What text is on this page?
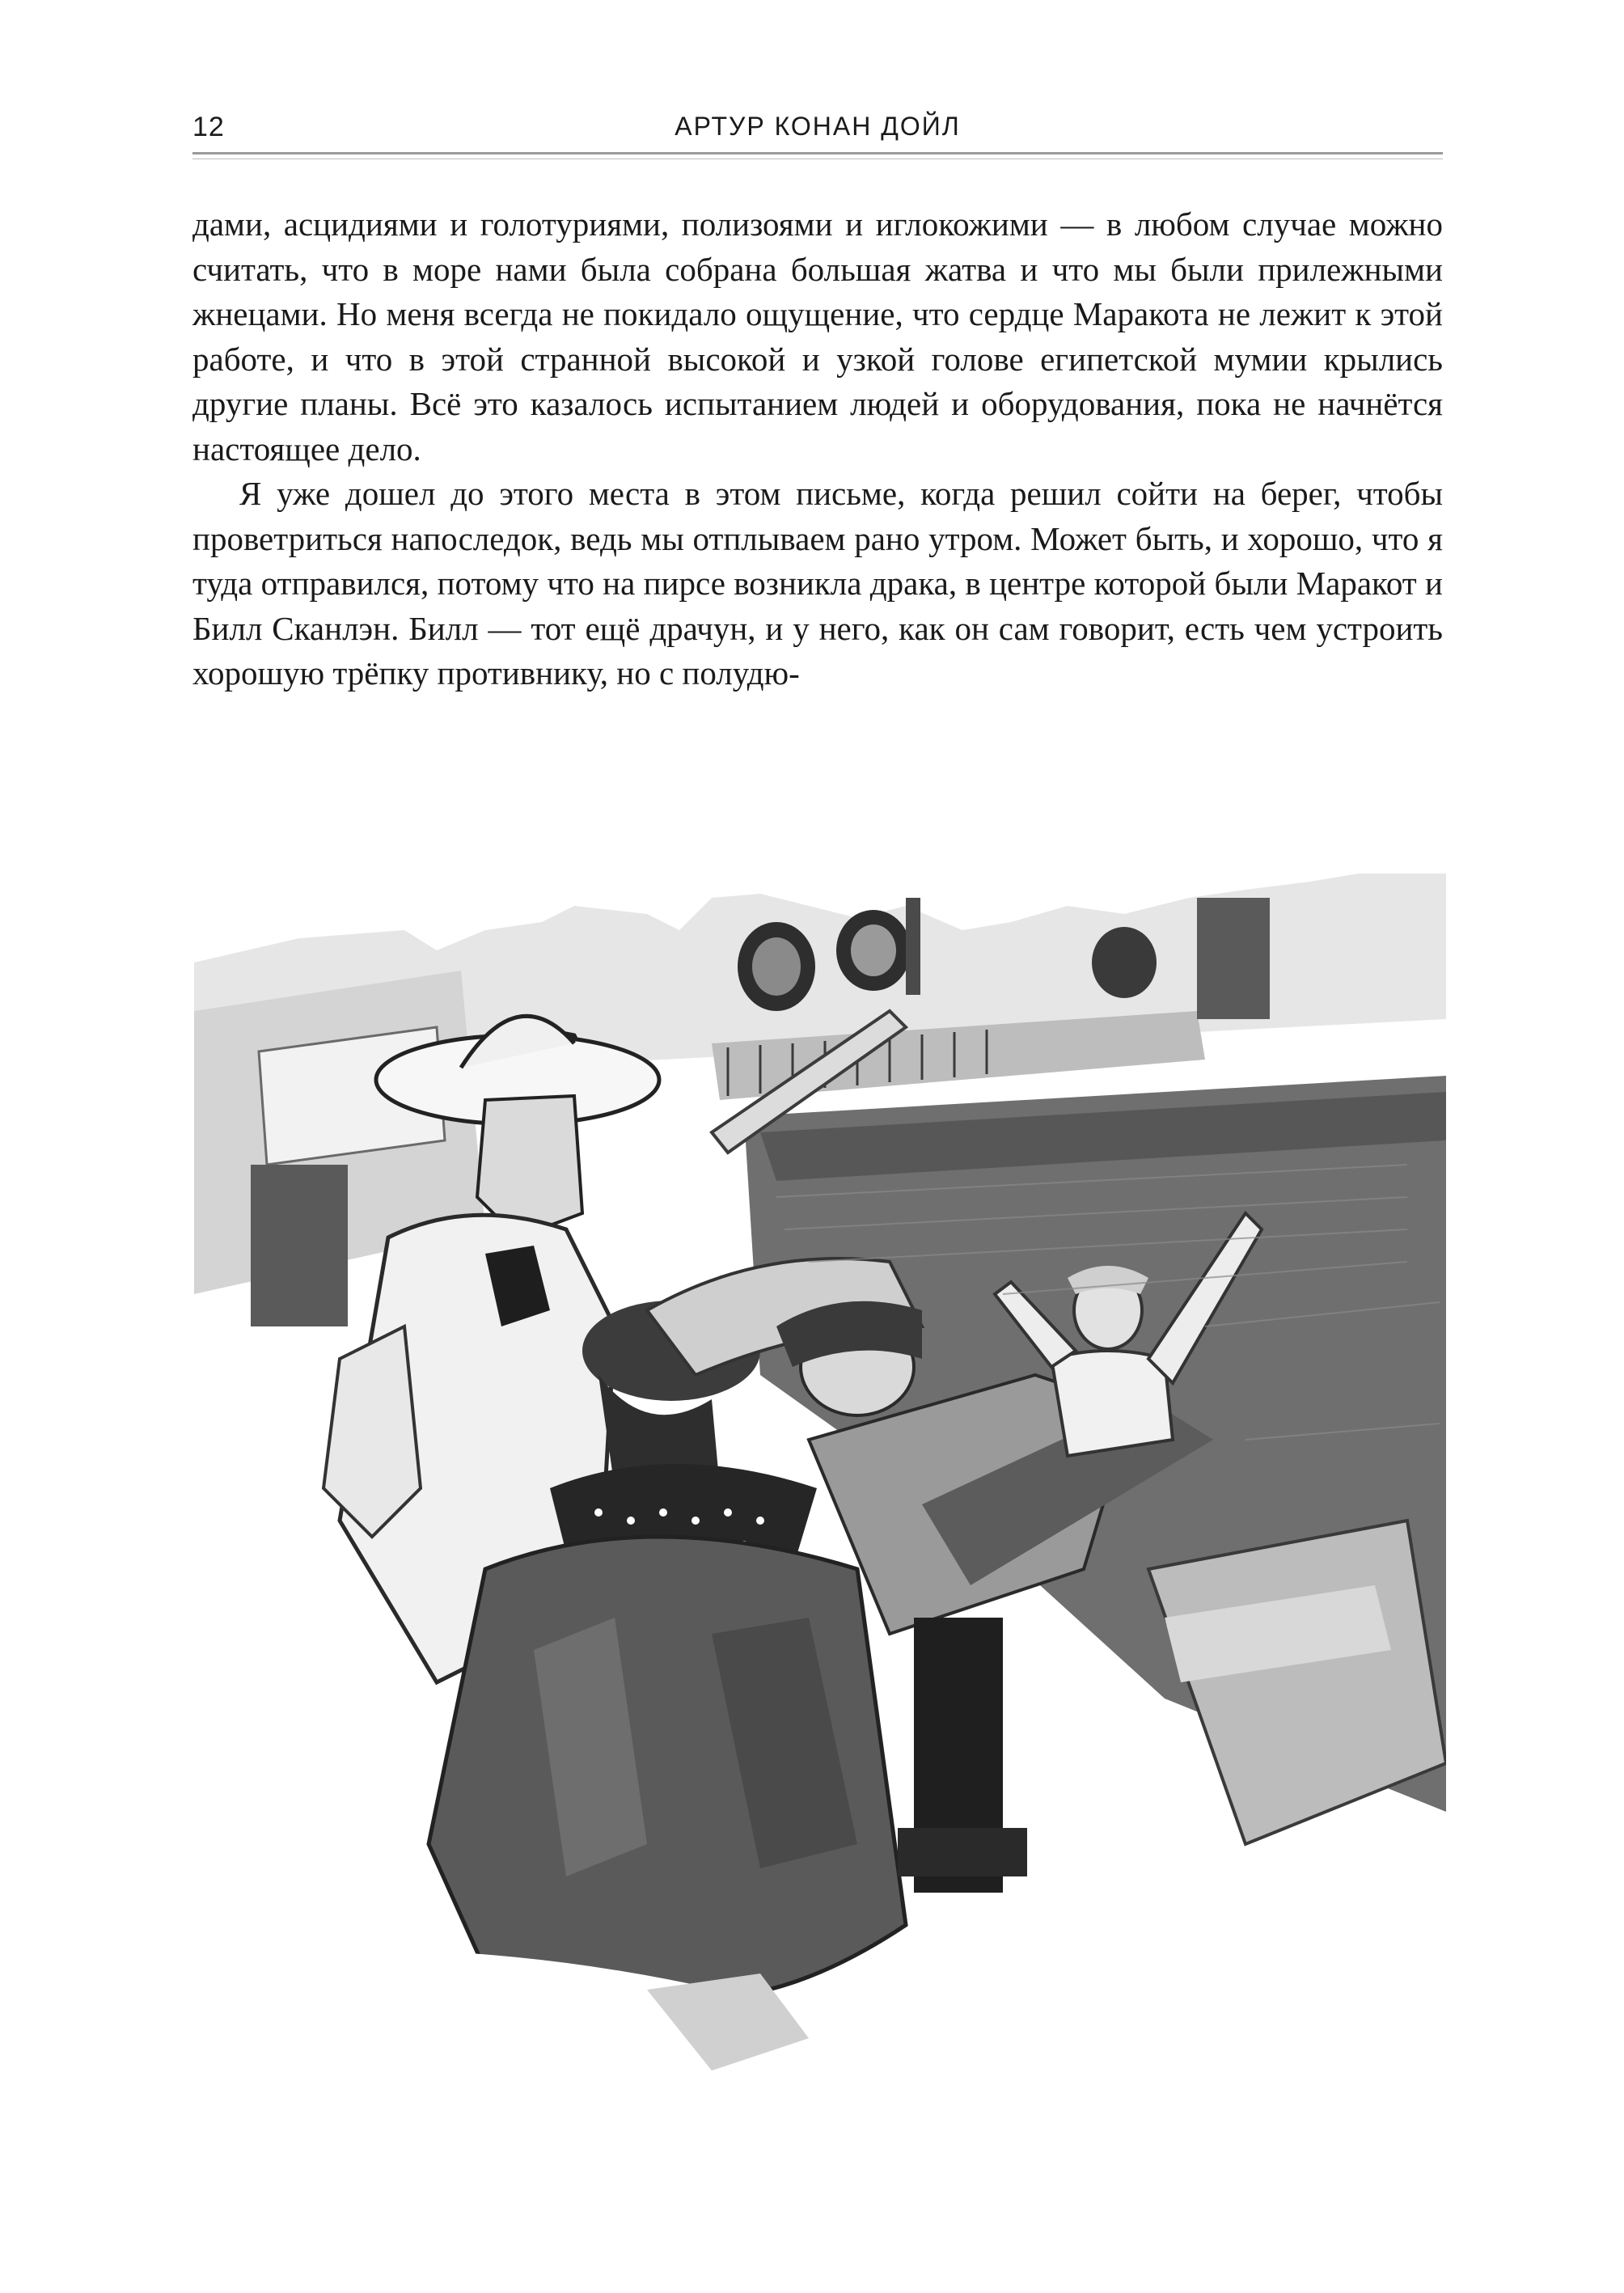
12	АРТУР КОНАН ДОЙЛ

дами, асцидиями и голотуриями, полизоями и иглокожими — в любом случае можно считать, что в море нами была собрана большая жатва и что мы были прилежными жнецами. Но меня всегда не покидало ощущение, что сердце Маракота не лежит к этой работе, и что в этой странной высокой и узкой голове египетской мумии крылись другие планы. Всё это казалось испытанием людей и оборудования, пока не начнётся настоящее дело.

Я уже дошел до этого места в этом письме, когда решил сойти на берег, чтобы проветриться напоследок, ведь мы отплываем рано утром. Может быть, и хорошо, что я туда отправился, потому что на пирсе возникла драка, в центре которой были Маракот и Билл Сканлэн. Билл — тот ещё драчун, и у него, как он сам говорит, есть чем устроить хорошую трёпку противнику, но с полудю-
